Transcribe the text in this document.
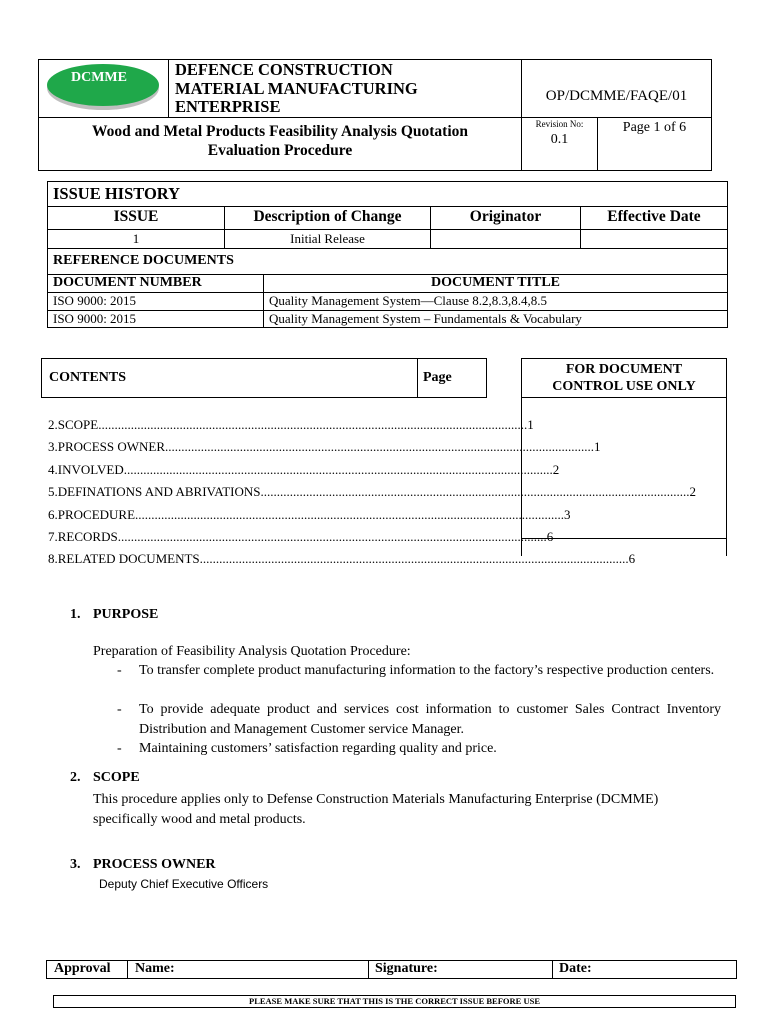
DCMME	DEFENCE CONSTRUCTION
MATERIAL MANUFACTURING
ENTERPRISE
OP/DCMME/FAQE/01
Wood and Metal Products Feasibility Analysis Quotation
Evaluation Procedure
Revision No:
0.1
Page 1 of 6
ISSUE HISTORY
ISSUE	Description of Change	Originator	Effective Date
1	Initial Release
REFERENCE DOCUMENTS
DOCUMENT NUMBER	DOCUMENT TITLE
ISO 9000: 2015	Quality Management System—Clause 8.2,8.3,8.4,8.5
ISO 9000: 2015	Quality Management System – Fundamentals & Vocabulary
CONTENTS	Page
2. SCOPE.................................................................................................................................... 1
3. PROCESS OWNER.................................................................................................................................... 1
4. INVOLVED.................................................................................................................................... 2
5. DEFINATIONS AND ABRIVATIONS.................................................................................................................................... 2
6. PROCEDURE.................................................................................................................................... 3
7. RECORDS.................................................................................................................................... 6
8. RELATED DOCUMENTS.................................................................................................................................... 6
FOR DOCUMENT
CONTROL USE ONLY
1. PURPOSE
Preparation of Feasibility Analysis Quotation Procedure:
-	To transfer complete product manufacturing information to the factory’s respective production centers.
-	To provide adequate product and services cost information to customer Sales Contract Inventory Distribution and Management Customer service Manager.
-	Maintaining customers’ satisfaction regarding quality and price.
2. SCOPE
This procedure applies only to Defense Construction Materials Manufacturing Enterprise (DCMME)
specifically wood and metal products.
3. PROCESS OWNER
Deputy Chief Executive Officers
Approval Name:	Signature:	Date:
PLEASE MAKE SURE THAT THIS IS THE CORRECT ISSUE BEFORE USE
